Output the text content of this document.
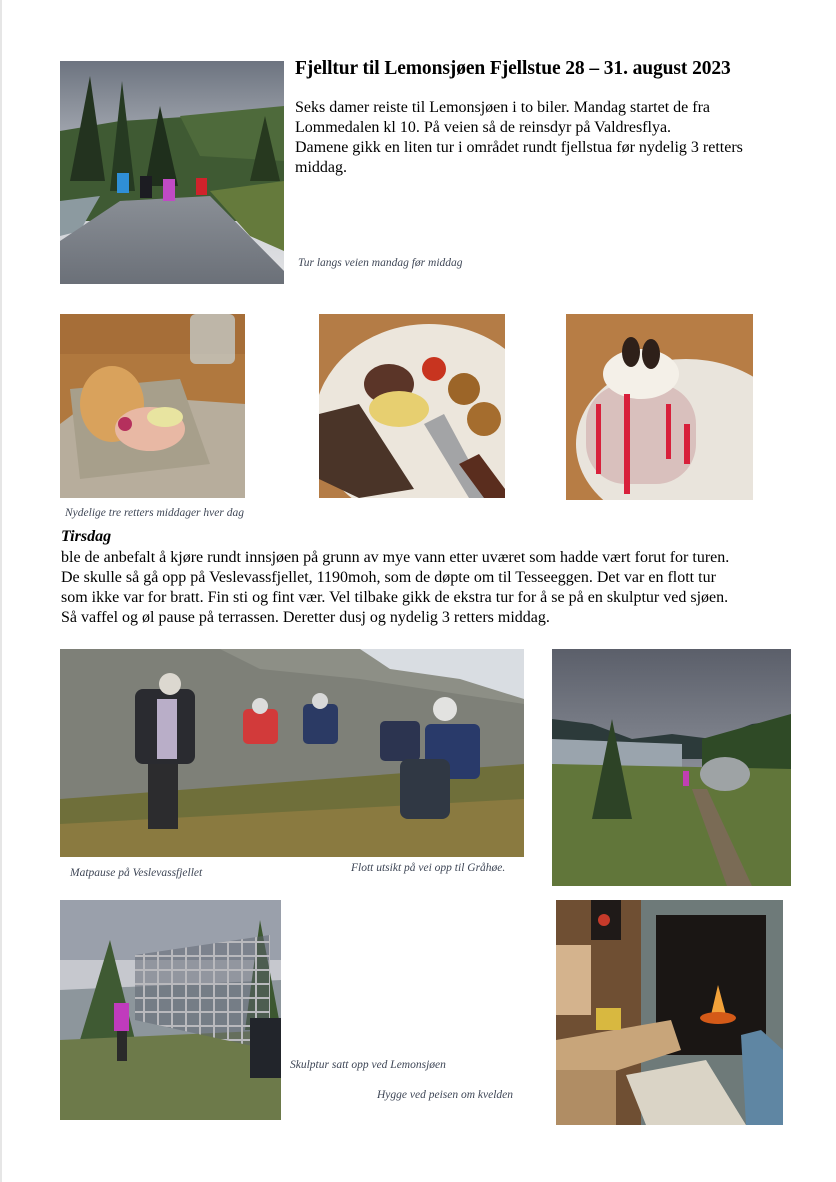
Fjelltur til Lemonsjøen Fjellstue 28 – 31. august 2023

Seks damer reiste til Lemonsjøen i to biler. Mandag startet de fra

Lommedalen kl 10. På veien så de reinsdyr på Valdresflya.

Damene gikk en liten tur i området rundt fjellstua før nydelig 3 retters

middag.

Tur langs veien mandag før middag
Nydelige tre retters middager hver dag
Tirsdag

ble de anbefalt å kjøre rundt innsjøen på grunn av mye vann etter uværet som hadde vært forut for turen.

De skulle så gå opp på Veslevassfjellet, 1190moh, som de døpte om til Tesseeggen. Det var en flott tur

som ikke var for bratt. Fin sti og fint vær. Vel tilbake gikk de ekstra tur for å se på en skulptur ved sjøen.

Så vaffel og øl pause på terrassen. Deretter dusj og nydelig 3 retters middag.

Matpause på Veslevassfjellet	Flott utsikt på vei opp til Gråhøe.
Skulptur satt opp ved Lemonsjøen
Hygge ved peisen om kvelden
